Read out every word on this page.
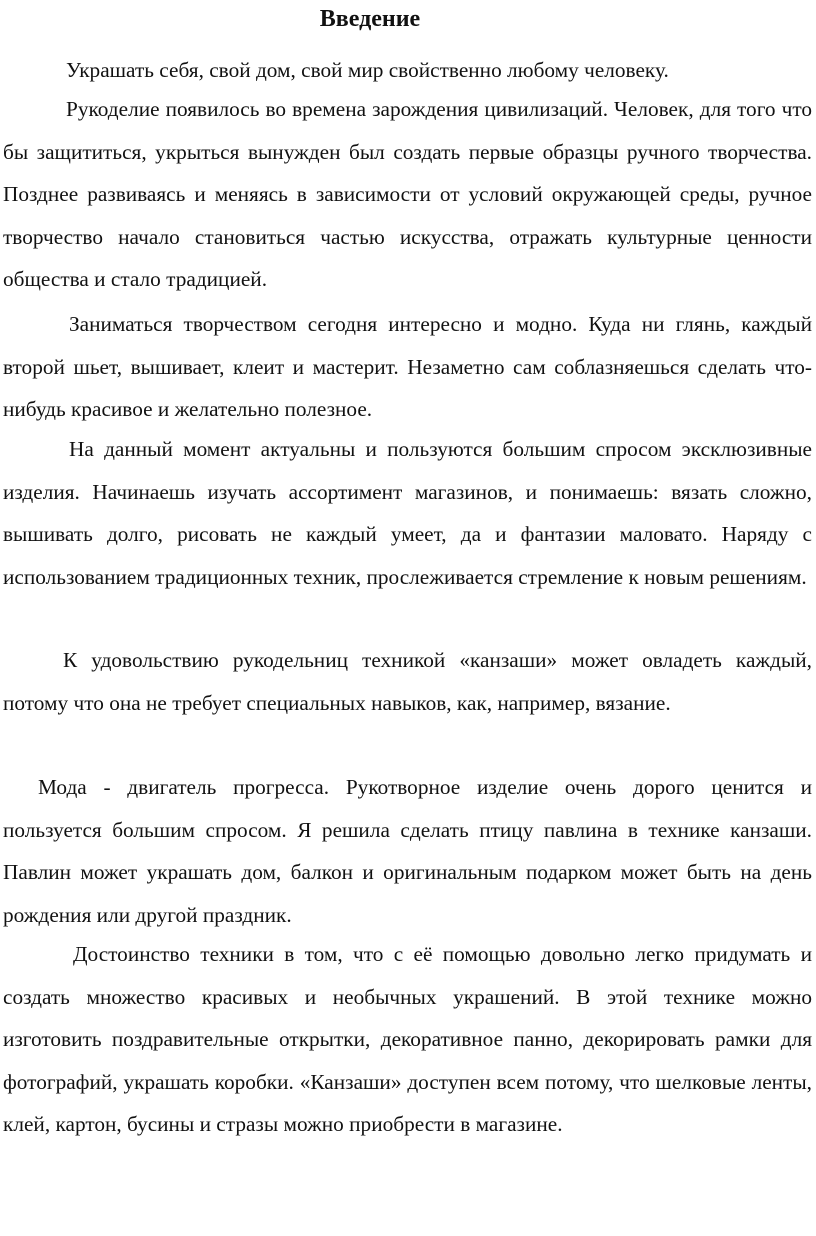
Введение

Украшать себя, свой дом, свой мир свойственно любому человеку.

Рукоделие появилось во времена зарождения цивилизаций. Человек, для того что бы защититься, укрыться вынужден был создать первые образцы ручного творчества. Позднее развиваясь и меняясь в зависимости от условий окружающей среды, ручное творчество начало становиться частью искусства, отражать культурные ценности общества и стало традицией.

Заниматься творчеством сегодня интересно и модно. Куда ни глянь, каждый второй шьет, вышивает, клеит и мастерит. Незаметно сам соблазняешься сделать что-нибудь красивое и желательно полезное.

На данный момент актуальны и пользуются большим спросом эксклюзивные изделия. Начинаешь изучать ассортимент магазинов, и понимаешь: вязать сложно, вышивать долго, рисовать не каждый умеет, да и фантазии маловато. Наряду с использованием традиционных техник, прослеживается стремление к новым решениям.

К удовольствию рукодельниц техникой «канзаши» может овладеть каждый, потому что она не требует специальных навыков, как, например, вязание.

Мода - двигатель прогресса. Рукотворное изделие очень дорого ценится и пользуется большим спросом. Я решила сделать птицу павлина в технике канзаши. Павлин может украшать дом, балкон и оригинальным подарком может быть на день рождения или другой праздник.

Достоинство техники в том, что с её помощью довольно легко придумать и создать множество красивых и необычных украшений. В этой технике можно изготовить поздравительные открытки, декоративное панно, декорировать рамки для фотографий, украшать коробки. «Канзаши» доступен всем потому, что шелковые ленты, клей, картон, бусины и стразы можно приобрести в магазине.
